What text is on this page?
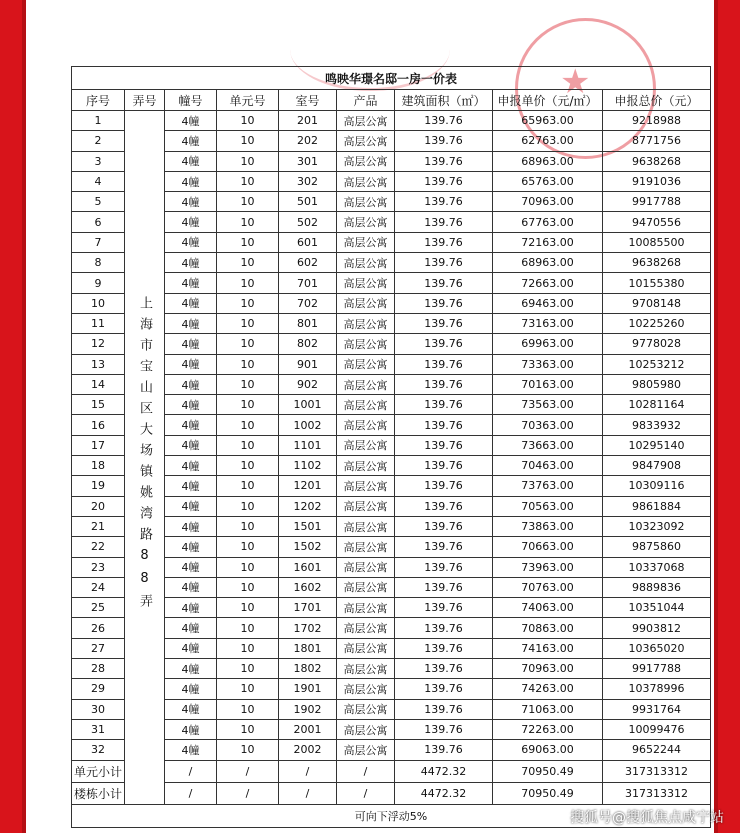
★
鸣映华璟名邸一房一价表								
序号	弄号	幢号	单元号	室号	产品	建筑面积（㎡）	申报单价（元/㎡）	申报总价（元）
1	上海市宝山区大场镇姚湾路88弄	4幢	10	201	高层公寓	139.76	65963.00	9218988
2		4幢	10	202	高层公寓	139.76	62763.00	8771756
3		4幢	10	301	高层公寓	139.76	68963.00	9638268
4		4幢	10	302	高层公寓	139.76	65763.00	9191036
5		4幢	10	501	高层公寓	139.76	70963.00	9917788
6		4幢	10	502	高层公寓	139.76	67763.00	9470556
7		4幢	10	601	高层公寓	139.76	72163.00	10085500
8		4幢	10	602	高层公寓	139.76	68963.00	9638268
9		4幢	10	701	高层公寓	139.76	72663.00	10155380
10		4幢	10	702	高层公寓	139.76	69463.00	9708148
11		4幢	10	801	高层公寓	139.76	73163.00	10225260
12		4幢	10	802	高层公寓	139.76	69963.00	9778028
13		4幢	10	901	高层公寓	139.76	73363.00	10253212
14		4幢	10	902	高层公寓	139.76	70163.00	9805980
15		4幢	10	1001	高层公寓	139.76	73563.00	10281164
16		4幢	10	1002	高层公寓	139.76	70363.00	9833932
17		4幢	10	1101	高层公寓	139.76	73663.00	10295140
18		4幢	10	1102	高层公寓	139.76	70463.00	9847908
19		4幢	10	1201	高层公寓	139.76	73763.00	10309116
20		4幢	10	1202	高层公寓	139.76	70563.00	9861884
21		4幢	10	1501	高层公寓	139.76	73863.00	10323092
22		4幢	10	1502	高层公寓	139.76	70663.00	9875860
23		4幢	10	1601	高层公寓	139.76	73963.00	10337068
24		4幢	10	1602	高层公寓	139.76	70763.00	9889836
25		4幢	10	1701	高层公寓	139.76	74063.00	10351044
26		4幢	10	1702	高层公寓	139.76	70863.00	9903812
27		4幢	10	1801	高层公寓	139.76	74163.00	10365020
28		4幢	10	1802	高层公寓	139.76	70963.00	9917788
29		4幢	10	1901	高层公寓	139.76	74263.00	10378996
30		4幢	10	1902	高层公寓	139.76	71063.00	9931764
31		4幢	10	2001	高层公寓	139.76	72263.00	10099476
32		4幢	10	2002	高层公寓	139.76	69063.00	9652244
单元小计		/	/	/	/	4472.32	70950.49	317313312
楼栋小计		/	/	/	/	4472.32	70950.49	317313312
可向下浮动5%									搜狐号@搜狐焦点咸宁站
